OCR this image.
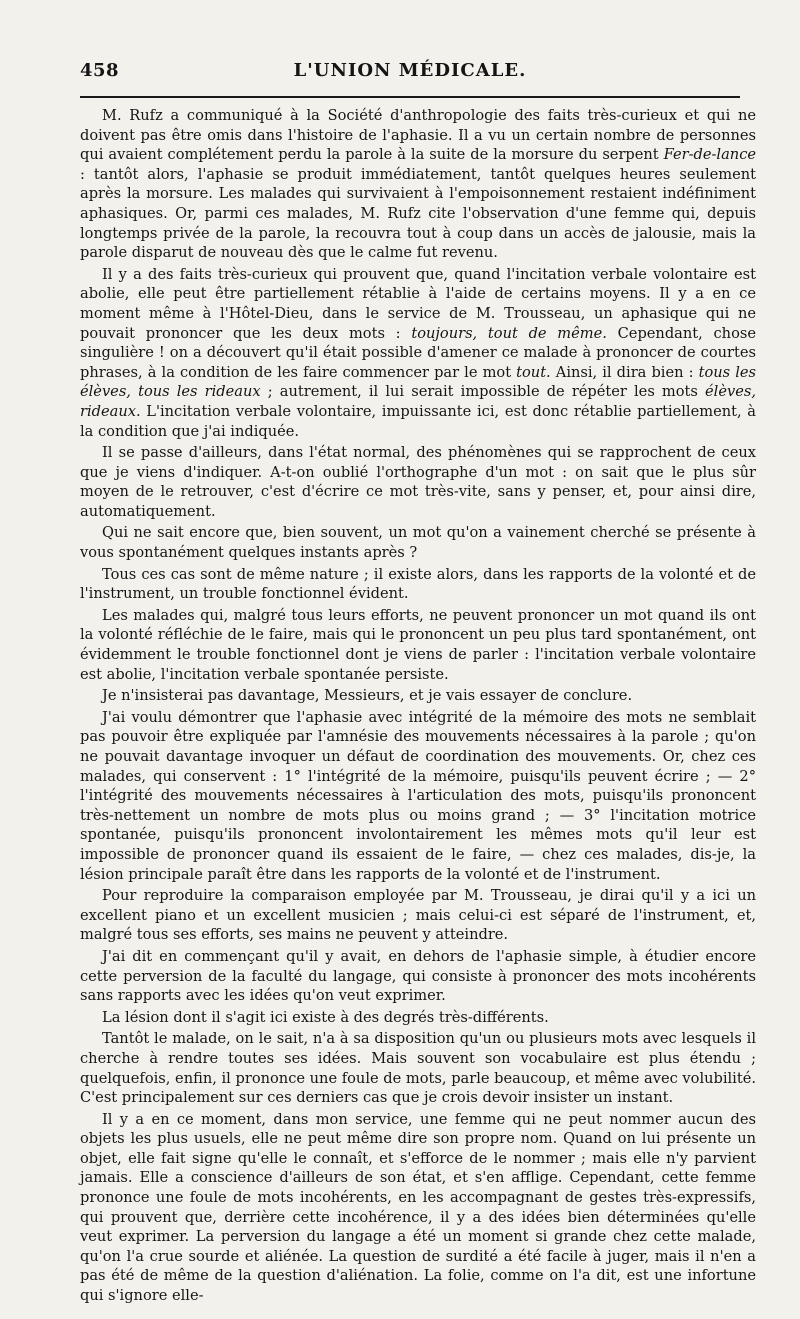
458	L'UNION MÉDICALE.

M. Rufz a communiqué à la Société d'anthropologie des faits très-curieux et qui ne doivent pas être omis dans l'histoire de l'aphasie. Il a vu un certain nombre de personnes qui avaient complétement perdu la parole à la suite de la morsure du serpent Fer-de-lance : tantôt alors, l'aphasie se produit immédiatement, tantôt quelques heures seulement après la morsure. Les malades qui survivaient à l'empoisonnement restaient indéfiniment aphasiques. Or, parmi ces malades, M. Rufz cite l'observation d'une femme qui, depuis longtemps privée de la parole, la recouvra tout à coup dans un accès de jalousie, mais la parole disparut de nouveau dès que le calme fut revenu.

Il y a des faits très-curieux qui prouvent que, quand l'incitation verbale volontaire est abolie, elle peut être partiellement rétablie à l'aide de certains moyens. Il y a en ce moment même à l'Hôtel-Dieu, dans le service de M. Trousseau, un aphasique qui ne pouvait prononcer que les deux mots : toujours, tout de même. Cependant, chose singulière ! on a découvert qu'il était possible d'amener ce malade à prononcer de courtes phrases, à la condition de les faire commencer par le mot tout. Ainsi, il dira bien : tous les élèves, tous les rideaux ; autrement, il lui serait impossible de répéter les mots élèves, rideaux. L'incitation verbale volontaire, impuissante ici, est donc rétablie partiellement, à la condition que j'ai indiquée.

Il se passe d'ailleurs, dans l'état normal, des phénomènes qui se rapprochent de ceux que je viens d'indiquer. A-t-on oublié l'orthographe d'un mot : on sait que le plus sûr moyen de le retrouver, c'est d'écrire ce mot très-vite, sans y penser, et, pour ainsi dire, automatiquement.

Qui ne sait encore que, bien souvent, un mot qu'on a vainement cherché se présente à vous spontanément quelques instants après ?

Tous ces cas sont de même nature ; il existe alors, dans les rapports de la volonté et de l'instrument, un trouble fonctionnel évident.

Les malades qui, malgré tous leurs efforts, ne peuvent prononcer un mot quand ils ont la volonté réfléchie de le faire, mais qui le prononcent un peu plus tard spontanément, ont évidemment le trouble fonctionnel dont je viens de parler : l'incitation verbale volontaire est abolie, l'incitation verbale spontanée persiste.

Je n'insisterai pas davantage, Messieurs, et je vais essayer de conclure.

J'ai voulu démontrer que l'aphasie avec intégrité de la mémoire des mots ne semblait pas pouvoir être expliquée par l'amnésie des mouvements nécessaires à la parole ; qu'on ne pouvait davantage invoquer un défaut de coordination des mouvements. Or, chez ces malades, qui conservent : 1° l'intégrité de la mémoire, puisqu'ils peuvent écrire ; — 2° l'intégrité des mouvements nécessaires à l'articulation des mots, puisqu'ils prononcent très-nettement un nombre de mots plus ou moins grand ; — 3° l'incitation motrice spontanée, puisqu'ils prononcent involontairement les mêmes mots qu'il leur est impossible de prononcer quand ils essaient de le faire, — chez ces malades, dis-je, la lésion principale paraît être dans les rapports de la volonté et de l'instrument.

Pour reproduire la comparaison employée par M. Trousseau, je dirai qu'il y a ici un excellent piano et un excellent musicien ; mais celui-ci est séparé de l'instrument, et, malgré tous ses efforts, ses mains ne peuvent y atteindre.

J'ai dit en commençant qu'il y avait, en dehors de l'aphasie simple, à étudier encore cette perversion de la faculté du langage, qui consiste à prononcer des mots incohérents sans rapports avec les idées qu'on veut exprimer.

La lésion dont il s'agit ici existe à des degrés très-différents.

Tantôt le malade, on le sait, n'a à sa disposition qu'un ou plusieurs mots avec lesquels il cherche à rendre toutes ses idées. Mais souvent son vocabulaire est plus étendu ; quelquefois, enfin, il prononce une foule de mots, parle beaucoup, et même avec volubilité. C'est principalement sur ces derniers cas que je crois devoir insister un instant.

Il y a en ce moment, dans mon service, une femme qui ne peut nommer aucun des objets les plus usuels, elle ne peut même dire son propre nom. Quand on lui présente un objet, elle fait signe qu'elle le connaît, et s'efforce de le nommer ; mais elle n'y parvient jamais. Elle a conscience d'ailleurs de son état, et s'en afflige. Cependant, cette femme prononce une foule de mots incohérents, en les accompagnant de gestes très-expressifs, qui prouvent que, derrière cette incohérence, il y a des idées bien déterminées qu'elle veut exprimer. La perversion du langage a été un moment si grande chez cette malade, qu'on l'a crue sourde et aliénée. La question de surdité a été facile à juger, mais il n'en a pas été de même de la question d'aliénation. La folie, comme on l'a dit, est une infortune qui s'ignore elle-
